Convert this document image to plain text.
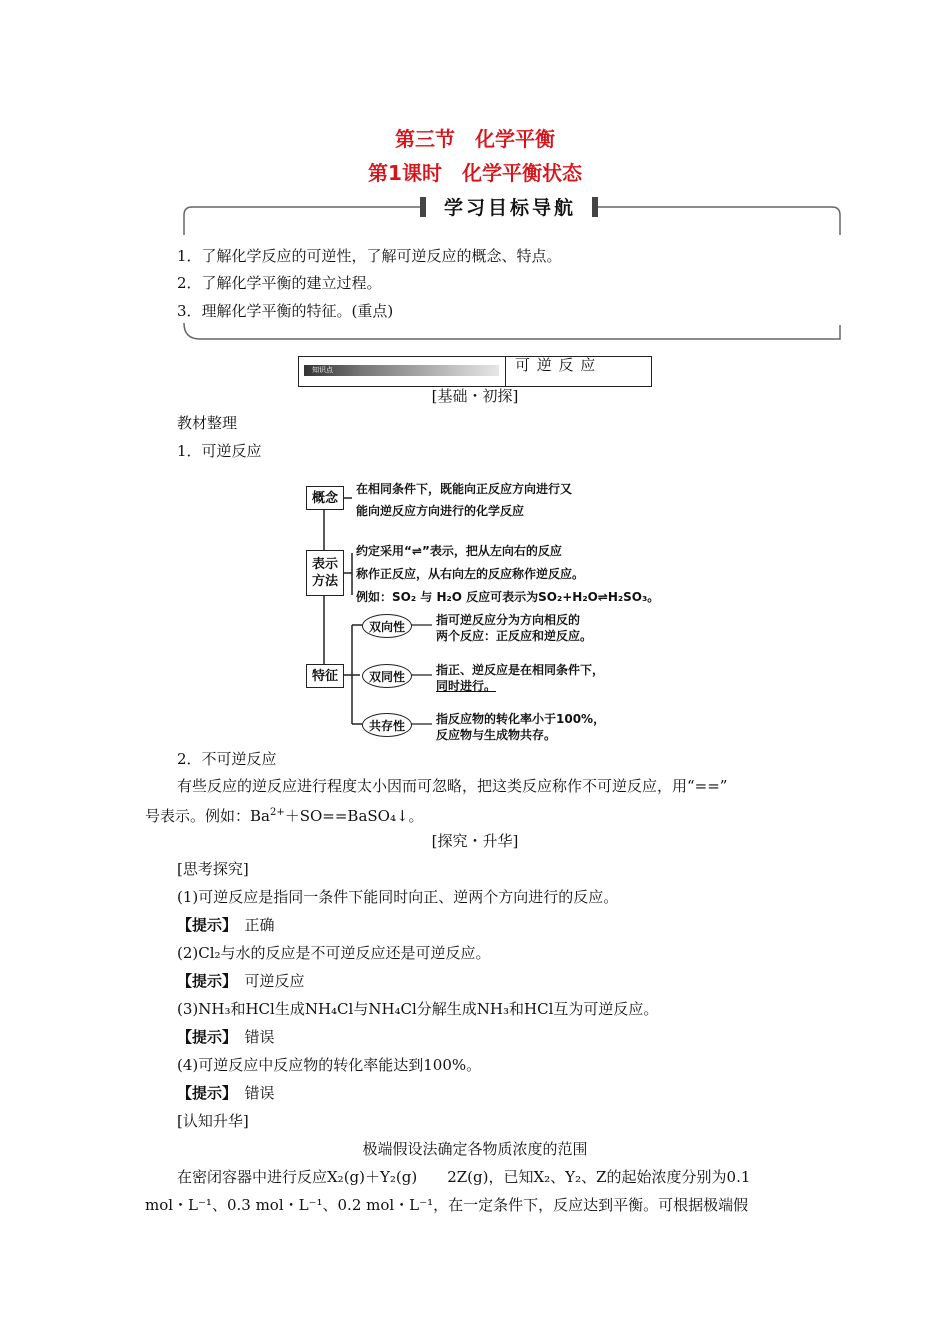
第三节　化学平衡
第1课时　化学平衡状态
学习目标导航
1．了解化学反应的可逆性，了解可逆反应的概念、特点。
2．了解化学平衡的建立过程。
3．理解化学平衡的特征。(重点)
知识点	可 逆 反 应
[基础・初探]
教材整理
1．可逆反应
概念
在相同条件下，既能向正反应方向进行又
能向逆反应方向进行的化学反应
表示
方法
约定采用“⇌”表示，把从左向右的反应
称作正反应，从右向左的反应称作逆反应。
例如：SO₂ 与 H₂O 反应可表示为SO₂+H₂O⇌H₂SO₃。
特征
双向性	指可逆反应分为方向相反的
两个反应：正反应和逆反应。
双同性	指正、逆反应是在相同条件下，
同时进行。
共存性	指反应物的转化率小于100%，
反应物与生成物共存。
2．不可逆反应
有些反应的逆反应进行程度太小因而可忽略，把这类反应称作不可逆反应，用“==”
号表示。例如：$Ba^{2+}+SO==BaSO_4↓$。
[探究・升华]
[思考探究]
(1)可逆反应是指同一条件下能同时向正、逆两个方向进行的反应。
【提示】　 正确
(2)Cl₂与水的反应是不可逆反应还是可逆反应。
【提示】　 可逆反应
(3)NH₃和HCl生成NH₄Cl与NH₄Cl分解生成NH₃和HCl互为可逆反应。
【提示】　 错误
(4)可逆反应中反应物的转化率能达到100%。
【提示】　 错误
[认知升华]
极端假设法确定各物质浓度的范围
在密闭容器中进行反应X₂(g)＋Y₂(g)　　2Z(g)，已知X₂、Y₂、Z的起始浓度分别为0.1
mol・L⁻¹、0.3 mol・L⁻¹、0.2 mol・L⁻¹，在一定条件下，反应达到平衡。可根据极端假
